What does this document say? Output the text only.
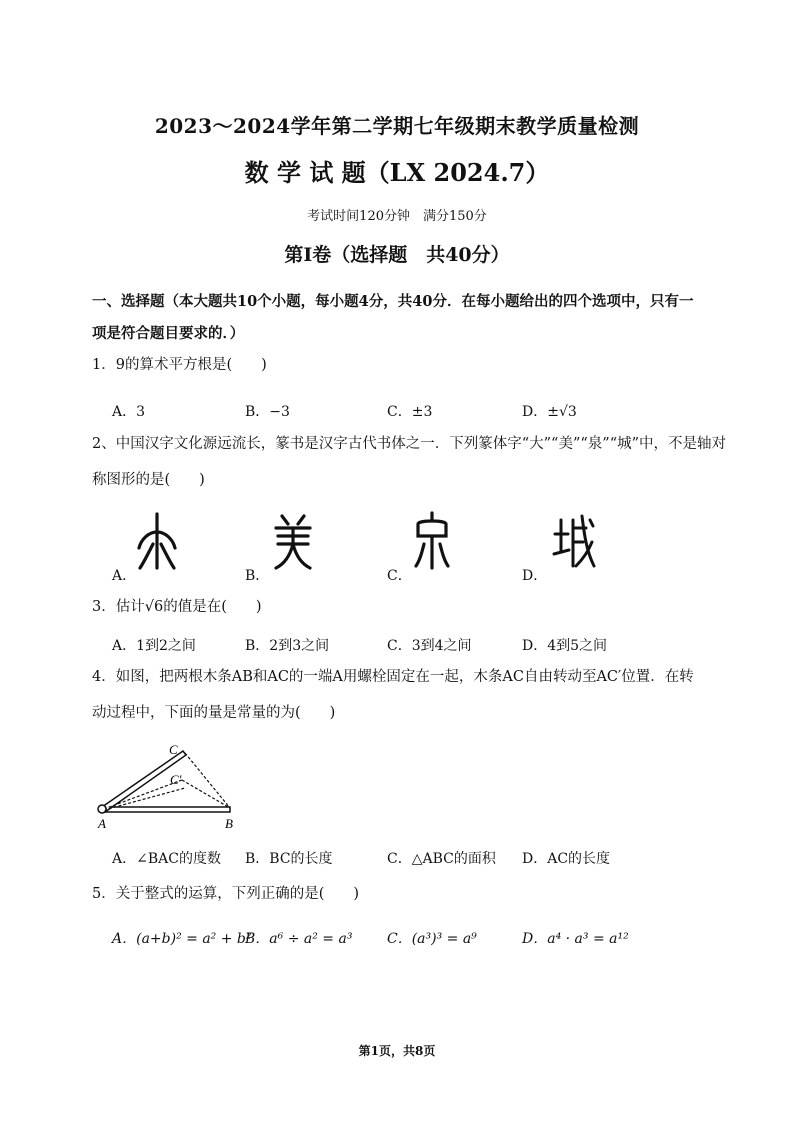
2023～2024学年第二学期七年级期末教学质量检测
数 学 试 题（LX 2024.7）
考试时间120分钟　满分150分
第Ⅰ卷（选择题　共40分）
一、选择题（本大题共10个小题，每小题4分，共40分．在每小题给出的四个选项中，只有一
项是符合题目要求的．）
1．9的算术平方根是(　　)
A．3	B．−3	C．±3	D．±√3
2、中国汉字文化源远流长，篆书是汉字古代书体之一．下列篆体字“大”“美”“泉”“城”中，不是轴对
称图形的是(　　)
A．	B．	C．	D．
3．估计√6的值是在(　　)
A．1到2之间	B．2到3之间	C．3到4之间	D．4到5之间
4．如图，把两根木条AB和AC的一端A用螺栓固定在一起，木条AC自由转动至AC′位置．在转
动过程中，下面的量是常量的为(　　)
A	B
C
C′
A．∠BAC的度数 B．BC的长度	C．△ABC的面积 D．AC的长度
5．关于整式的运算，下列正确的是(　　)
A．(a+b)² = a² + b²
B．a⁶ ÷ a² = a³ C．(a³)³ = a⁹	D．a⁴ · a³ = a¹²
第1页，共8页
